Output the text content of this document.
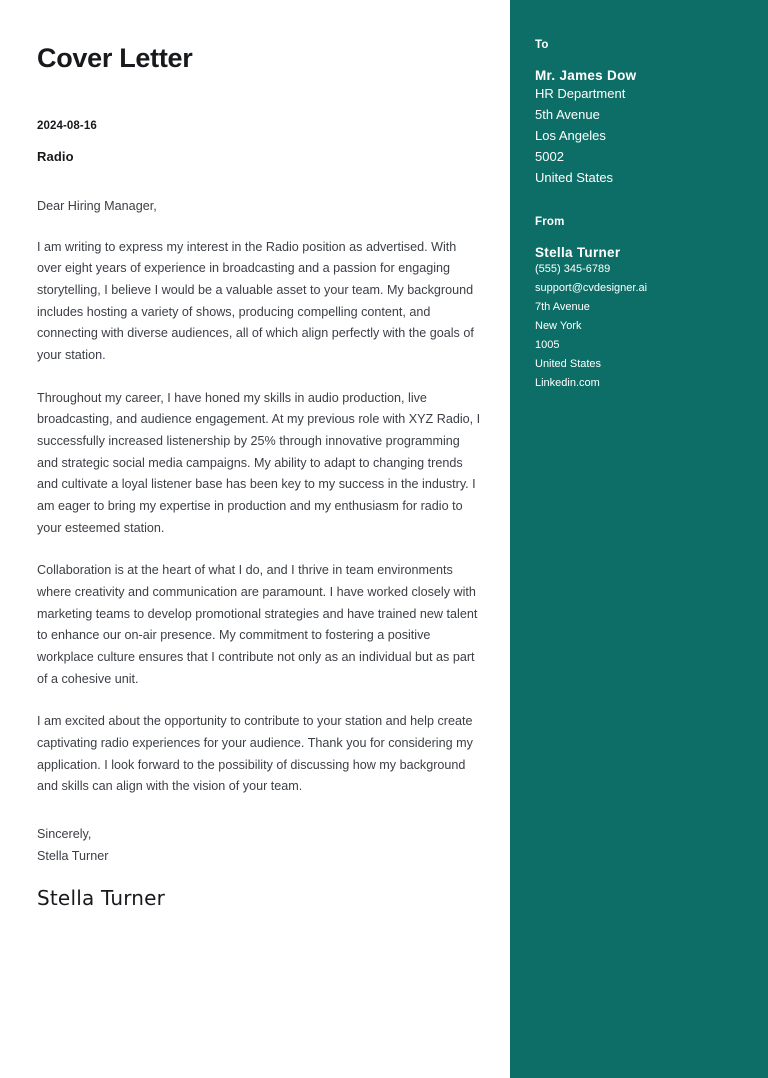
Cover Letter
2024-08-16
Radio
Dear Hiring Manager,

I am writing to express my interest in the Radio position as advertised. With over eight years of experience in broadcasting and a passion for engaging storytelling, I believe I would be a valuable asset to your team. My background includes hosting a variety of shows, producing compelling content, and connecting with diverse audiences, all of which align perfectly with the goals of your station.

Throughout my career, I have honed my skills in audio production, live broadcasting, and audience engagement. At my previous role with XYZ Radio, I successfully increased listenership by 25% through innovative programming and strategic social media campaigns. My ability to adapt to changing trends and cultivate a loyal listener base has been key to my success in the industry. I am eager to bring my expertise in production and my enthusiasm for radio to your esteemed station.

Collaboration is at the heart of what I do, and I thrive in team environments where creativity and communication are paramount. I have worked closely with marketing teams to develop promotional strategies and have trained new talent to enhance our on-air presence. My commitment to fostering a positive workplace culture ensures that I contribute not only as an individual but as part of a cohesive unit.

I am excited about the opportunity to contribute to your station and help create captivating radio experiences for your audience. Thank you for considering my application. I look forward to the possibility of discussing how my background and skills can align with the vision of your team.

Sincerely,
Stella Turner
Stella Turner
To
Mr. James Dow
HR Department
5th Avenue
Los Angeles
5002
United States
From
Stella Turner
(555) 345-6789
support@cvdesigner.ai
7th Avenue
New York
1005
United States
Linkedin.com
